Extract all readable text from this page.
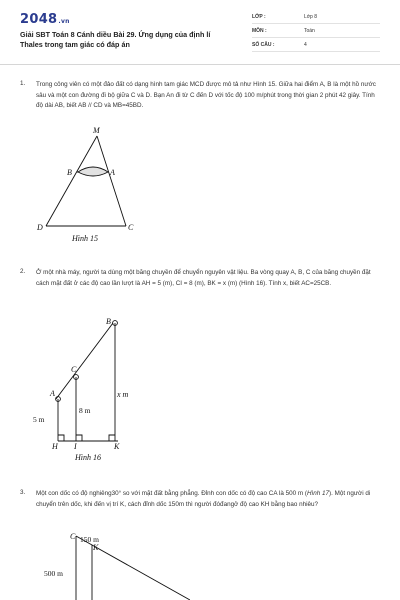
2048.vn
Giải SBT Toán 8 Cánh diều Bài 29. Ứng dụng của định lí Thales trong tam giác có đáp án
LỚP :	Lớp 8
MÔN :	Toán
SỐ CÂU :	4
1. Trong công viên có một đảo đất có dạng hình tam giác MCD được mô tả như Hình 15. Giữa hai điểm A, B là một hồ nước sâu và một con đường đi bộ giữa C và D. Bạn An đi từ C đến D với tốc độ 100 m/phút trong thời gian 2 phút 42 giây. Tính độ dài AB, biết AB // CD và MB=45BD.
M
B	A
D	C
Hình 15
2. Ở một nhà máy, người ta dùng một băng chuyền để chuyển nguyên vật liệu. Ba vòng quay A, B, C của băng chuyền đặt cách mặt đất ở các độ cao lần lượt là AH = 5 (m), CI = 8 (m), BK = x (m) (Hình 16). Tính x, biết AC=25CB.
B
C
A
H I	K
5 m
8 m
x m
Hình 16
3. Một con dốc có độ nghiêng30° so với mặt đất bằng phẳng. Đỉnh con dốc có độ cao CA là 500 m (Hình 17). Một người di chuyển trên dốc, khi đến vị trí K, cách đỉnh dốc 150m thì người đóđangở độ cao KH bằng bao nhiêu?
C 150 m
K
500 m
